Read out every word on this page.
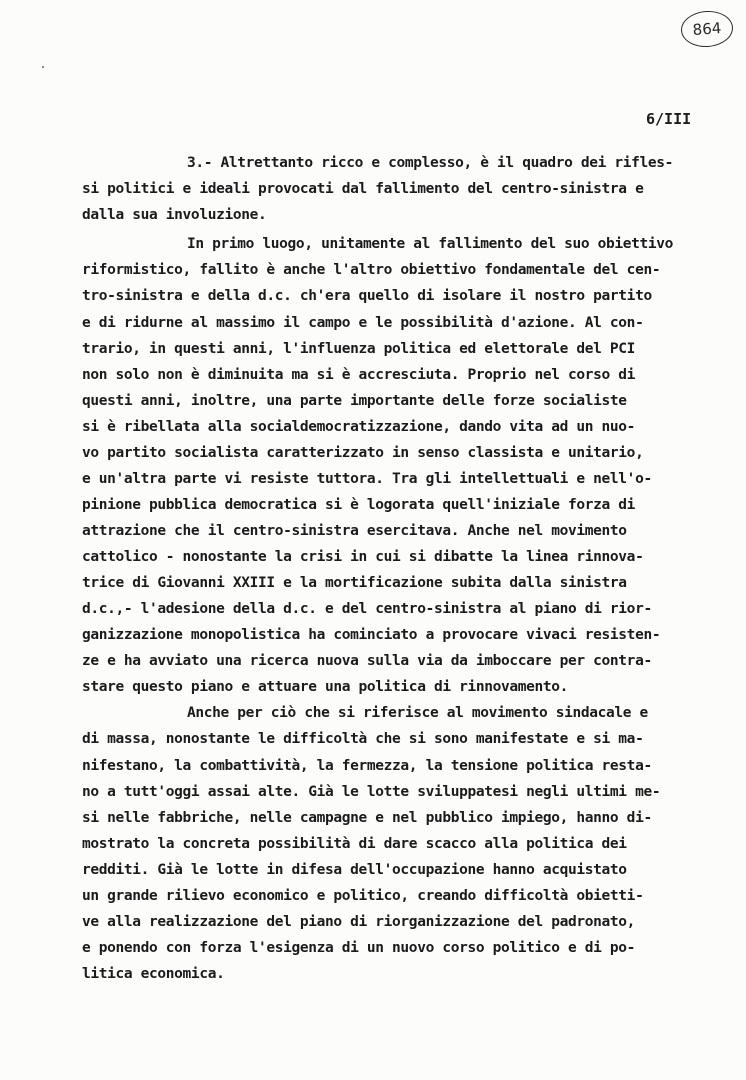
864
6/III
3.- Altrettanto ricco e complesso, è il quadro dei rifles-
si politici e ideali provocati dal fallimento del centro-sinistra e
dalla sua involuzione.
In primo luogo, unitamente al fallimento del suo obiettivo
riformistico, fallito è anche l'altro obiettivo fondamentale del cen-
tro-sinistra e della d.c. ch'era quello di isolare il nostro partito
e di ridurne al massimo il campo e le possibilità d'azione. Al con-
trario, in questi anni, l'influenza politica ed elettorale del PCI
non solo non è diminuita ma si è accresciuta. Proprio nel corso di
questi anni, inoltre, una parte importante delle forze socialiste
si è ribellata alla socialdemocratizzazione, dando vita ad un nuo-
vo partito socialista caratterizzato in senso classista e unitario,
e un'altra parte vi resiste tuttora. Tra gli intellettuali e nell'o-
pinione pubblica democratica si è logorata quell'iniziale forza di
attrazione che il centro-sinistra esercitava. Anche nel movimento
cattolico - nonostante la crisi in cui si dibatte la linea rinnova-
trice di Giovanni XXIII e la mortificazione subita dalla sinistra
d.c.,- l'adesione della d.c. e del centro-sinistra al piano di rior-
ganizzazione monopolistica ha cominciato a provocare vivaci resisten-
ze e ha avviato una ricerca nuova sulla via da imboccare per contra-
stare questo piano e attuare una politica di rinnovamento.
Anche per ciò che si riferisce al movimento sindacale e
di massa, nonostante le difficoltà che si sono manifestate e si ma-
nifestano, la combattività, la fermezza, la tensione politica resta-
no a tutt'oggi assai alte. Già le lotte sviluppatesi negli ultimi me-
si nelle fabbriche, nelle campagne e nel pubblico impiego, hanno di-
mostrato la concreta possibilità di dare scacco alla politica dei
redditi. Già le lotte in difesa dell'occupazione hanno acquistato
un grande rilievo economico e politico, creando difficoltà obietti-
ve alla realizzazione del piano di riorganizzazione del padronato,
e ponendo con forza l'esigenza di un nuovo corso politico e di po-
litica economica.
